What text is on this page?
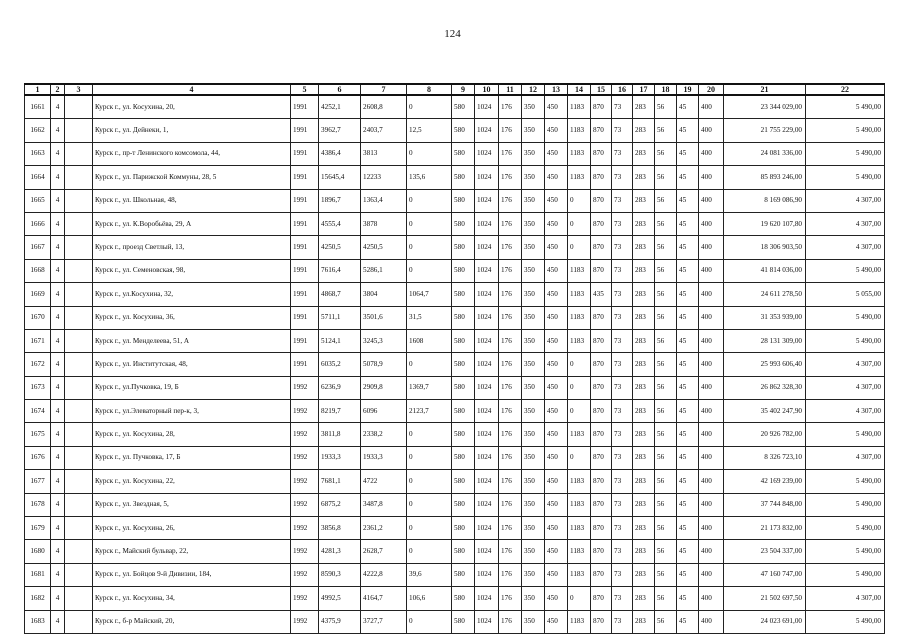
124
1	2	3	4	5	6	7	8	9	10	11	12	13	14	15	16	17	18	19	20	21	22
1661	4		Курск г., ул. Косухина, 20,	1991	4252,1	2608,8	0	580	1024	176	350	450	1183	870	73	283	56	45	400	23 344 029,00	5 490,00
1662	4		Курск г., ул. Дейнеки, 1,	1991	3962,7	2403,7	12,5	580	1024	176	350	450	1183	870	73	283	56	45	400	21 755 229,00	5 490,00
1663	4		Курск г., пр-т Ленинского комсомола, 44,	1991	4386,4	3813	0	580	1024	176	350	450	1183	870	73	283	56	45	400	24 081 336,00	5 490,00
1664	4		Курск г., ул. Парижской Коммуны, 28, 5	1991	15645,4	12233	135,6	580	1024	176	350	450	1183	870	73	283	56	45	400	85 893 246,00	5 490,00
1665	4		Курск г., ул. Школьная, 48,	1991	1896,7	1363,4	0	580	1024	176	350	450	0	870	73	283	56	45	400	8 169 086,90	4 307,00
1666	4		Курск г., ул. К.Воробьёва, 29, А	1991	4555,4	3878	0	580	1024	176	350	450	0	870	73	283	56	45	400	19 620 107,80	4 307,00
1667	4		Курск г., проезд Светлый, 13,	1991	4250,5	4250,5	0	580	1024	176	350	450	0	870	73	283	56	45	400	18 306 903,50	4 307,00
1668	4		Курск г., ул. Семеновская, 98,	1991	7616,4	5286,1	0	580	1024	176	350	450	1183	870	73	283	56	45	400	41 814 036,00	5 490,00
1669	4		Курск г., ул.Косухина, 32,	1991	4868,7	3804	1064,7	580	1024	176	350	450	1183	435	73	283	56	45	400	24 611 278,50	5 055,00
1670	4		Курск г., ул. Косухина, 36,	1991	5711,1	3501,6	31,5	580	1024	176	350	450	1183	870	73	283	56	45	400	31 353 939,00	5 490,00
1671	4		Курск г., ул. Менделеева, 51, А	1991	5124,1	3245,3	1608	580	1024	176	350	450	1183	870	73	283	56	45	400	28 131 309,00	5 490,00
1672	4		Курск г., ул. Институтская, 48,	1991	6035,2	5078,9	0	580	1024	176	350	450	0	870	73	283	56	45	400	25 993 606,40	4 307,00
1673	4		Курск г., ул.Пучковка, 19, Б	1992	6236,9	2909,8	1369,7	580	1024	176	350	450	0	870	73	283	56	45	400	26 862 328,30	4 307,00
1674	4		Курск г., ул.Элеваторный пер-к, 3,	1992	8219,7	6096	2123,7	580	1024	176	350	450	0	870	73	283	56	45	400	35 402 247,90	4 307,00
1675	4		Курск г., ул. Косухина, 28,	1992	3811,8	2338,2	0	580	1024	176	350	450	1183	870	73	283	56	45	400	20 926 782,00	5 490,00
1676	4		Курск г., ул. Пучковка, 17, Б	1992	1933,3	1933,3	0	580	1024	176	350	450	0	870	73	283	56	45	400	8 326 723,10	4 307,00
1677	4		Курск г., ул. Косухина, 22,	1992	7681,1	4722	0	580	1024	176	350	450	1183	870	73	283	56	45	400	42 169 239,00	5 490,00
1678	4		Курск г., ул. Звездная, 5,	1992	6875,2	3487,8	0	580	1024	176	350	450	1183	870	73	283	56	45	400	37 744 848,00	5 490,00
1679	4		Курск г., ул. Косухина, 26,	1992	3856,8	2361,2	0	580	1024	176	350	450	1183	870	73	283	56	45	400	21 173 832,00	5 490,00
1680	4		Курск г., Майский бульвар, 22,	1992	4281,3	2628,7	0	580	1024	176	350	450	1183	870	73	283	56	45	400	23 504 337,00	5 490,00
1681	4		Курск г., ул. Бойцов 9-й Дивизии, 184,	1992	8590,3	4222,8	39,6	580	1024	176	350	450	1183	870	73	283	56	45	400	47 160 747,00	5 490,00
1682	4		Курск г., ул. Косухина, 34,	1992	4992,5	4164,7	106,6	580	1024	176	350	450	0	870	73	283	56	45	400	21 502 697,50	4 307,00
1683	4		Курск г., б-р Майский, 20,	1992	4375,9	3727,7	0	580	1024	176	350	450	1183	870	73	283	56	45	400	24 023 691,00	5 490,00
